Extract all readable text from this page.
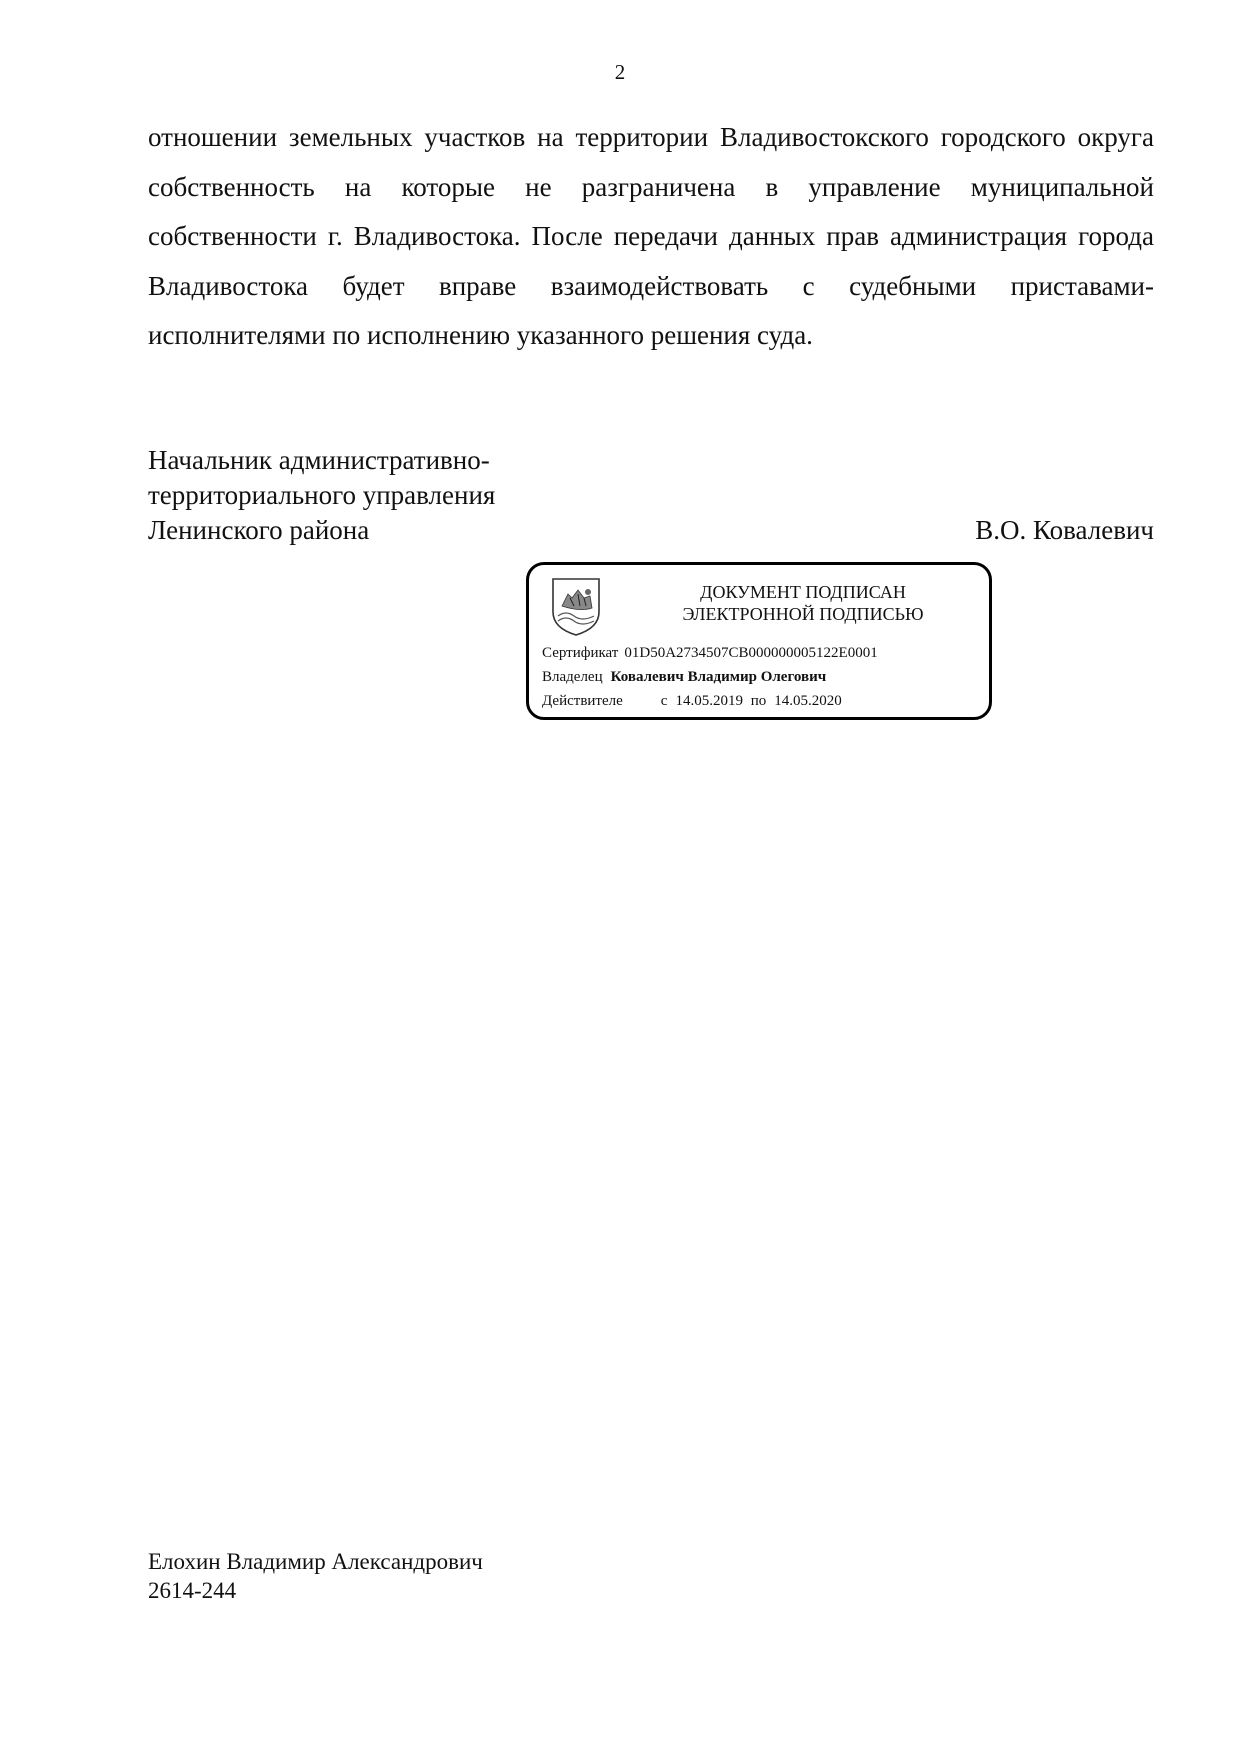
2

отношении земельных участков на территории Владивостокского городского округа собственность на которые не разграничена в управление муниципальной собственности г. Владивостока. После передачи данных прав администрация города Владивостока будет вправе взаимодействовать с судебными приставами-исполнителями по исполнению указанного решения суда.

Начальник административно-
территориального управления
Ленинского района	В.О. Ковалевич
ДОКУМЕНТ ПОДПИСАН
ЭЛЕКТРОННОЙ ПОДПИСЬЮ
Сертификат 01D50A2734507CB000000005122E0001
Владелец Ковалевич Владимир Олегович
Действителе	с 14.05.2019 по 14.05.2020
Елохин Владимир Александрович
2614-244
